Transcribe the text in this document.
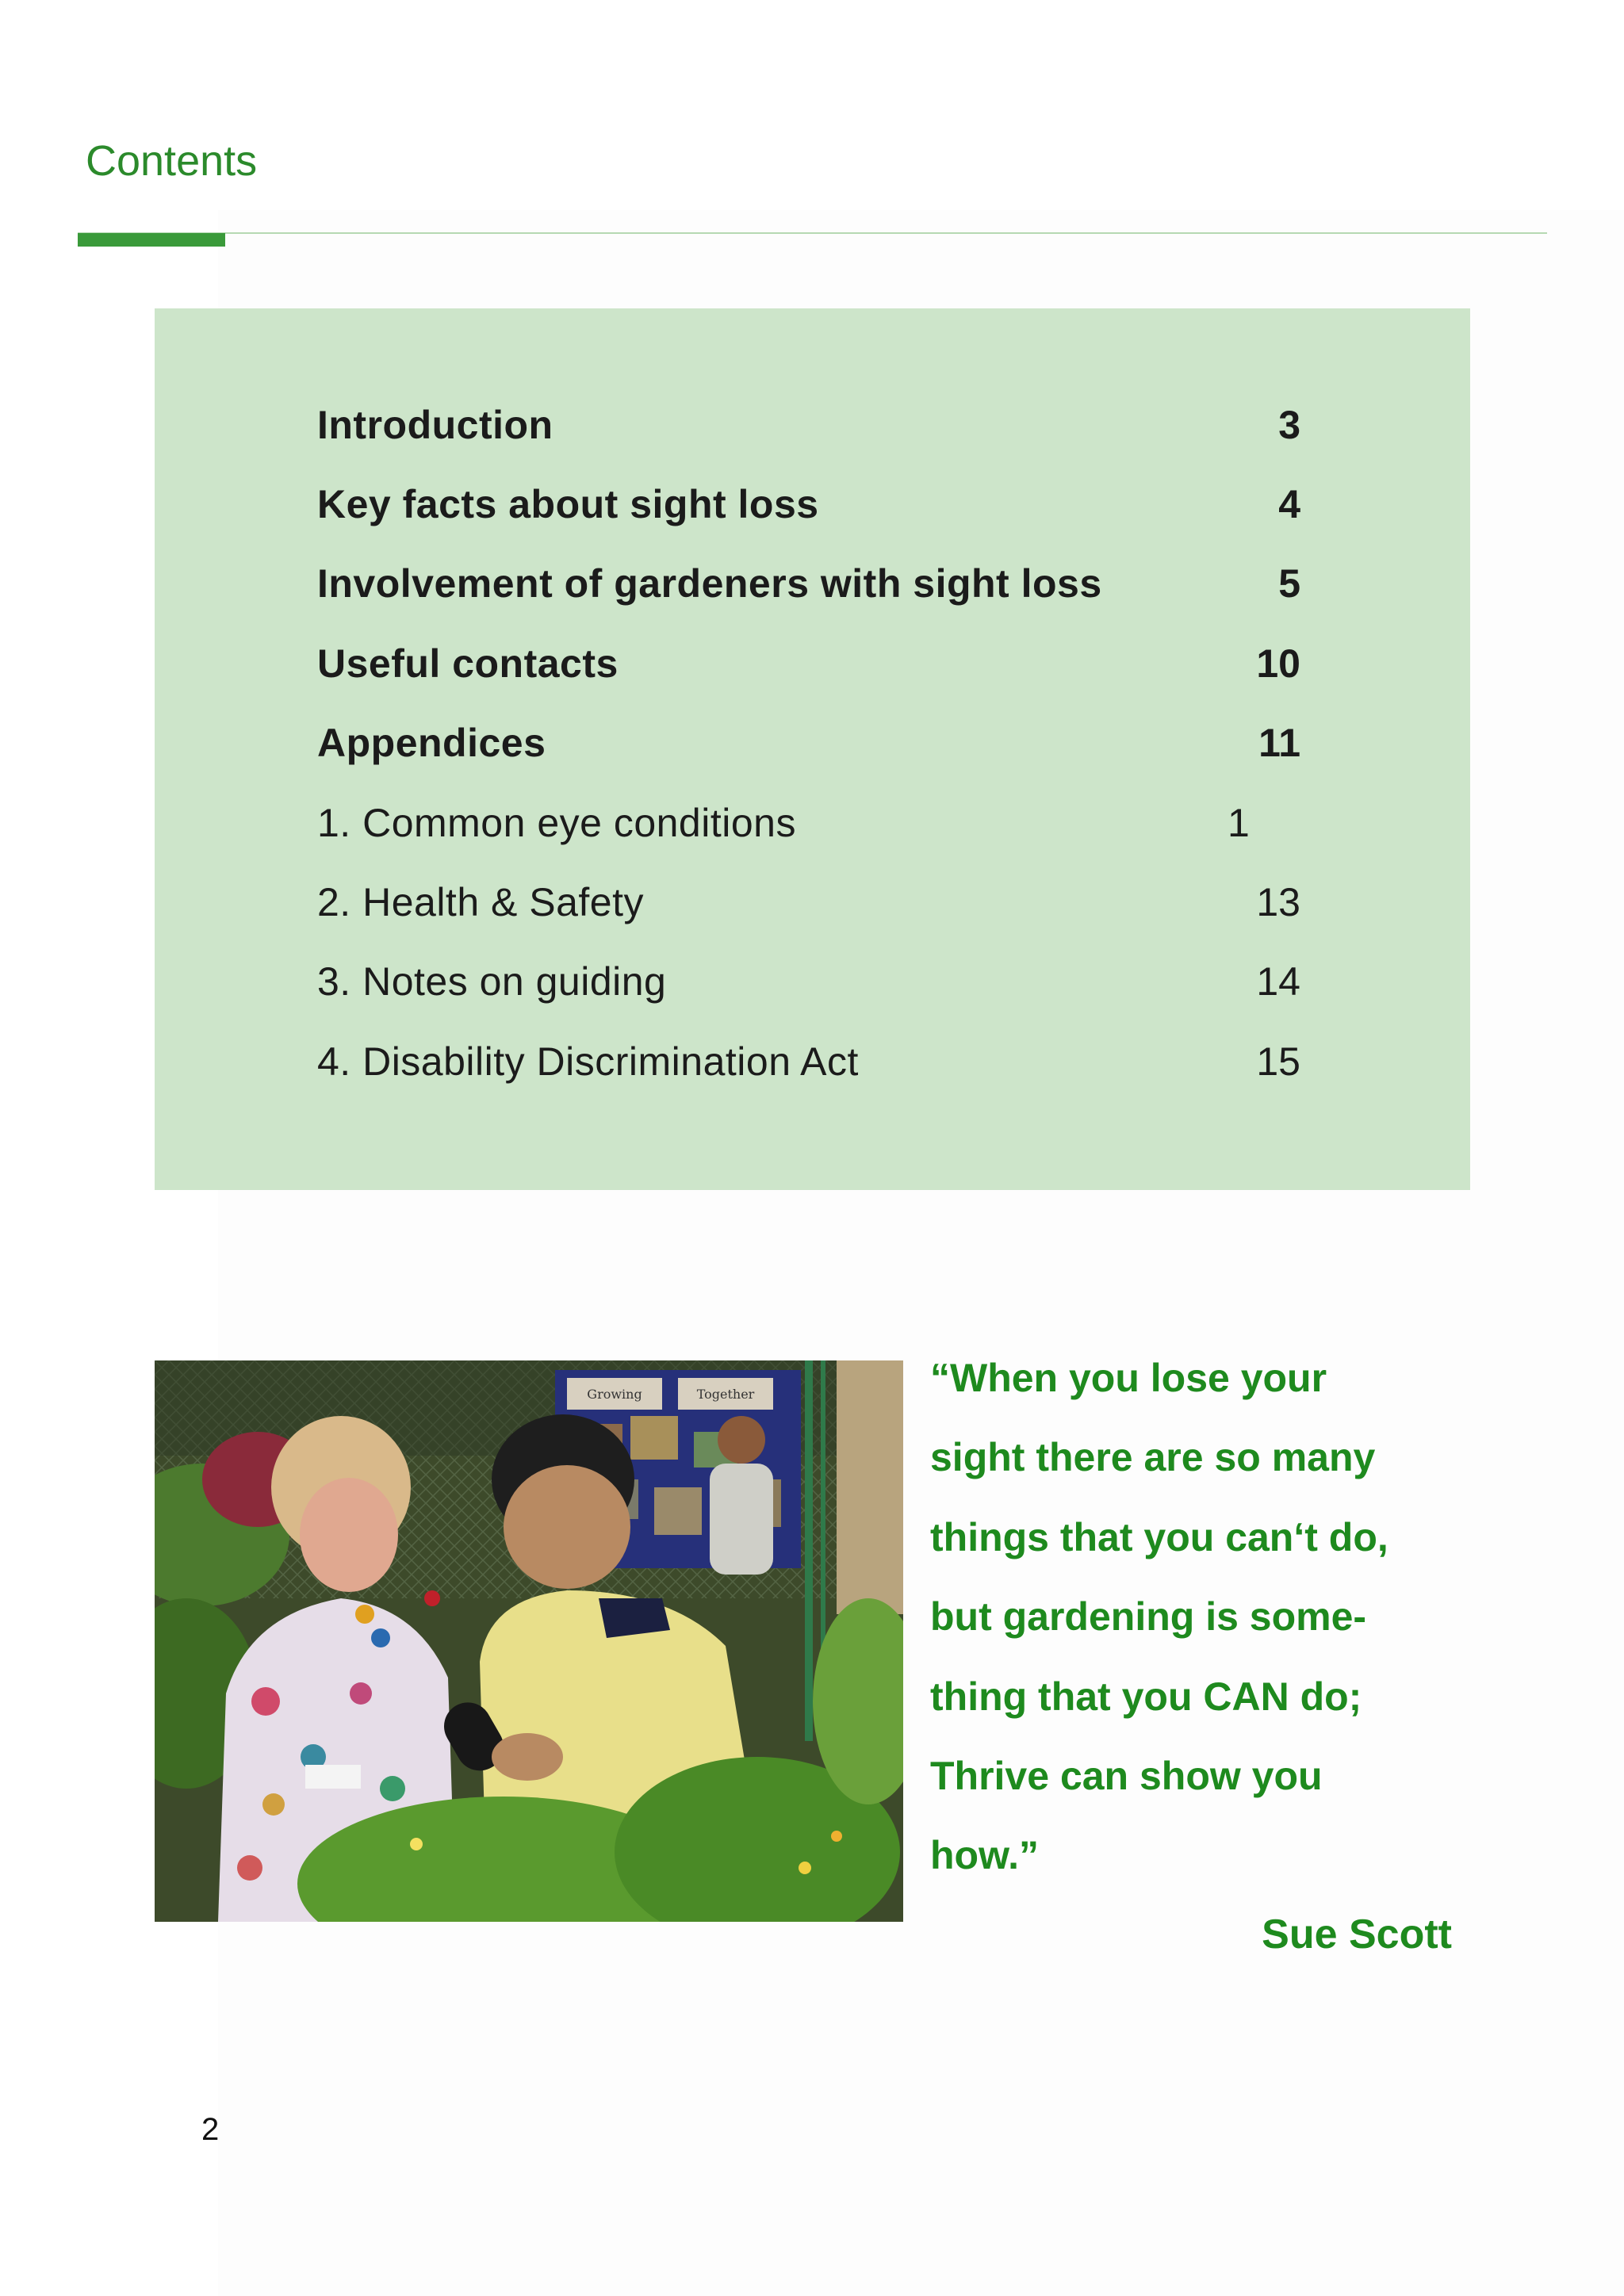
Contents
Introduction	3
Key facts about sight loss	4
Involvement of gardeners with sight loss	5
Useful contacts	10
Appendices	11
1. Common eye conditions	1
2. Health & Safety	13
3. Notes on guiding	14
4. Disability Discrimination Act	15
Growing	Together	“When you lose your
sight there are so many
things that you can‘t do,
but gardening is some-
thing that you CAN do;
Thrive can show you
how.”

Sue Scott
2
